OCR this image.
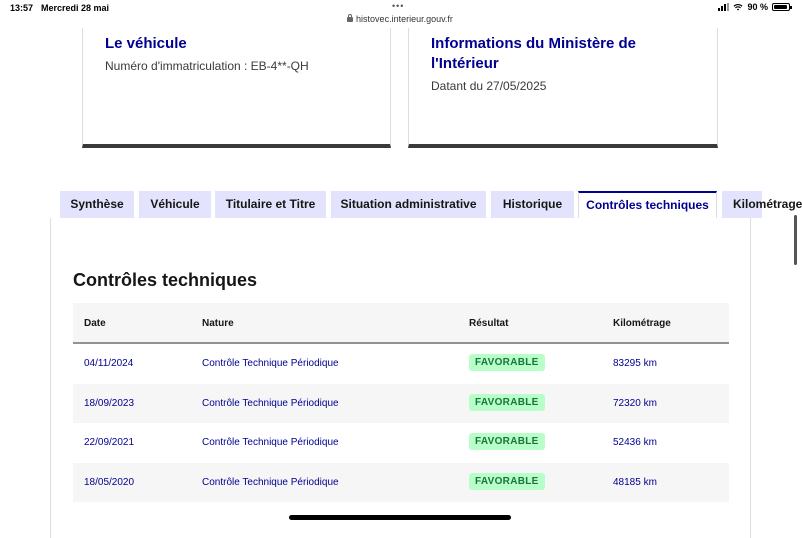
13:57 Mercredi 28 mai	•••	90 %
histovec.interieur.gouv.fr
Le véhicule
Numéro d'immatriculation : EB-4**-QH
Informations du Ministère de l'Intérieur
Datant du 27/05/2025
Synthèse	Véhicule	Titulaire et Titre	Situation administrative	Historique	Contrôles techniques	Kilométrage
Contrôles techniques
Date	Nature	Résultat	Kilométrage
04/11/2024	Contrôle Technique Périodique	FAVORABLE	83295 km
18/09/2023	Contrôle Technique Périodique	FAVORABLE	72320 km
22/09/2021	Contrôle Technique Périodique	FAVORABLE	52436 km
18/05/2020	Contrôle Technique Périodique	FAVORABLE	48185 km
